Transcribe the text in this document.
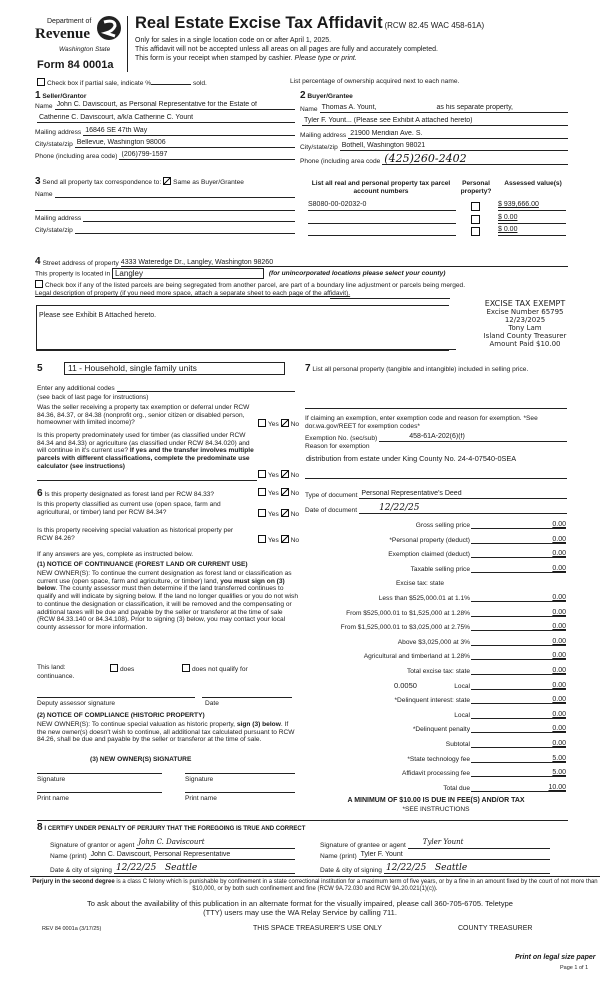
Department of
Revenue
Washington State
Form 84 0001a
Real Estate Excise Tax Affidavit (RCW 82.45 WAC 458-61A)
Only for sales in a single location code on or after April 1, 2025.
This affidavit will not be accepted unless all areas on all pages are fully and accurately completed.
This form is your receipt when stamped by cashier. Please type or print.
Check box if partial sale, indicate %	sold.	List percentage of ownership acquired next to each name.
1 Seller/Grantor
Name John C. Daviscourt, as Personal Representative for the Estate of
Catherine C. Daviscourt, a/k/a Catherine C. Yount
Mailing address 16846 SE 47th Way
City/state/zip Bellevue, Washington 98006
Phone (including area code) (206)799-1597
2 Buyer/Grantee
Name Thomas A. Yount,	as his separate property,
Tyler F. Yount... (Please see Exhibit A attached hereto)
Mailing address 21900 Meridian Ave. S.
City/state/zip Bothell, Washington 98021
Phone (including area code (425)260-2402
3 Send all property tax correspondence to: Same as Buyer/Grantee
Name

Mailing address

City/state/zip

List all real and personal property tax parcel account numbers
Personal property?
Assessed value(s)
S8080-00-02032-0	$ 939,666.00
$ 0.00
$ 0.00
4 Street address of property 4333 Wateredge Dr., Langley, Washington 98260
This property is located in Langley	(for unincorporated locations please select your county)
Check box if any of the listed parcels are being segregated from another parcel, are part of a boundary line adjustment or parcels being merged.
Legal description of property (if you need more space, attach a separate sheet to each page of the affidavit).
Please see Exhibit B Attached hereto.
EXCISE TAX EXEMPT
Excise Number 65795
12/23/2025
Tony Lam
Island County Treasurer
Amount Paid $10.00
5	11 - Household, single family units
Enter any additional codes

(see back of last page for instructions)
Was the seller receiving a property tax exemption or deferral under RCW 84.36, 84.37, or 84.38 (nonprofit org., senior citizen or disabled person, homeowner with limited income)?	Yes No
Is this property predominately used for timber (as classified under RCW 84.34 and 84.33) or agriculture (as classified under RCW 84.34.020) and will continue in it's current use? If yes and the transfer involves multiple parcels with different classifications, complete the predominate use calculator (see instructions)
Yes No
6 Is this property designated as forest land per RCW 84.33?	Yes No
Is this property classified as current use (open space, farm and agricultural, or timber) land per RCW 84.34?	Yes No
Is this property receiving special valuation as historical property per RCW 84.26?	Yes No
If any answers are yes, complete as instructed below.
(1) NOTICE OF CONTINUANCE (FOREST LAND OR CURRENT USE)
NEW OWNER(S): To continue the current designation as forest land or classification as current use (open space, farm and agriculture, or timber) land, you must sign on (3) below. The county assessor must then determine if the land transferred continues to qualify and will indicate by signing below. If the land no longer qualifies or you do not wish to continue the designation or classification, it will be removed and the compensating or additional taxes will be due and payable by the seller or transferor at the time of sale (RCW 84.33.140 or 84.34.108). Prior to signing (3) below, you may contact your local county assessor for more information.
This land:	does	does not qualify for
continuance.
Deputy assessor signature	Date
(2) NOTICE OF COMPLIANCE (HISTORIC PROPERTY)
NEW OWNER(S): To continue special valuation as historic property, sign (3) below. If the new owner(s) doesn't wish to continue, all additional tax calculated pursuant to RCW 84.26, shall be due and payable by the seller or transferor at the time of sale.
(3) NEW OWNER(S) SIGNATURE
Signature	Signature
Print name	Print name
7 List all personal property (tangible and intangible) included in selling price.
If claiming an exemption, enter exemption code and reason for exemption. *See dor.wa.gov/REET for exemption codes*
Exemption No. (sec/sub)	458-61A-202(6)(f)
Reason for exemption
distribution from estate under King County No. 24-4-07540-0SEA
Type of document Personal Representative's Deed
Date of document	12/22/25
Gross selling price	0.00
*Personal property (deduct)	0.00
Exemption claimed (deduct)	0.00
Taxable selling price	0.00
Excise tax: state
Less than $525,000.01 at 1.1%	0.00
From $525,000.01 to $1,525,000 at 1.28%	0.00
From $1,525,000.01 to $3,025,000 at 2.75%	0.00
Above $3,025,000 at 3%	0.00
Agricultural and timberland at 1.28%	0.00
Total excise tax: state	0.00
0.0050	Local	0.00
*Delinquent interest: state	0.00
Local	0.00
*Delinquent penalty	0.00
Subtotal	0.00
*State technology fee	5.00
Affidavit processing fee	5.00
Total due	10.00
A MINIMUM OF $10.00 IS DUE IN FEE(S) AND/OR TAX
*SEE INSTRUCTIONS
8 I CERTIFY UNDER PENALTY OF PERJURY THAT THE FOREGOING IS TRUE AND CORRECT
Signature of grantor or agent John C. Daviscourt
Name (print) John C. Daviscourt, Personal Representative
Date & city of signing 12/22/25   Seattle
Signature of grantee or agent	Tyler Yount
Name (print) Tyler F. Yount
Date & city of signing 12/22/25   Seattle
Perjury in the second degree is a class C felony which is punishable by confinement in a state correctional institution for a maximum term of five years, or by a fine in an amount fixed by the court of not more than $10,000, or by both such confinement and fine (RCW 9A.72.030 and RCW 9A.20.021(1)(c)).
To ask about the availability of this publication in an alternate format for the visually impaired, please call 360-705-6705. Teletype
(TTY) users may use the WA Relay Service by calling 711.
REV 84 0001a (3/17/25)	THIS SPACE TREASURER'S USE ONLY	COUNTY TREASURER
Print on legal size paper
Page 1 of 1
